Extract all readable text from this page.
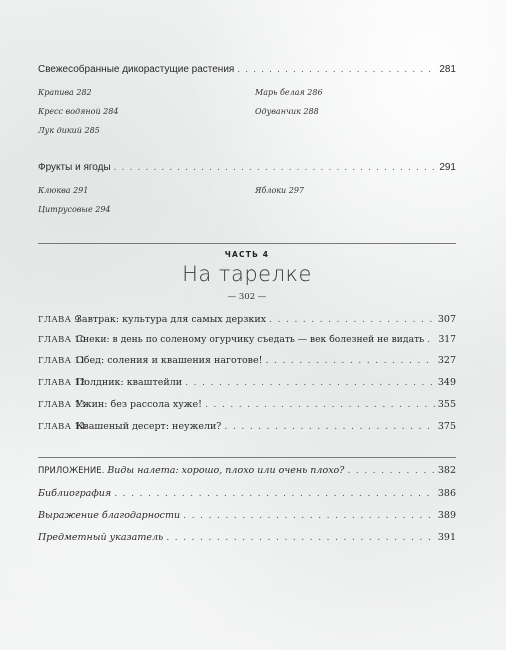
Свежесобранные дикорастущие растения . . .	281
Крапива 282
Кресс водяной 284
Лук дикий 285
Марь белая 286
Одуванчик 288
Фрукты и ягоды . . .	291
Клюква 291
Цитрусовые 294
Яблоки 297
ЧАСТЬ 4
На тарелке
— 302 —
ГЛАВА 9
Завтрак: культура для самых дерзких . . .	307
ГЛАВА 10
Снеки: в день по соленому огурчику съедать — век болезней не видать . . . 317
ГЛАВА 11
Обед: соления и квашения наготове! . . .	327
ГЛАВА 12
Полдник: кваштейли . . .	349
ГЛАВА 13
Ужин: без рассола хуже! . . .	355
ГЛАВА 14
Квашеный десерт: неужели? . . .	375
ПРИЛОЖЕНИЕ. Виды налета: хорошо, плохо или очень плохо? . . .	382
Библиография . . .	386
Выражение благодарности . . .	389
Предметный указатель . . .	391
